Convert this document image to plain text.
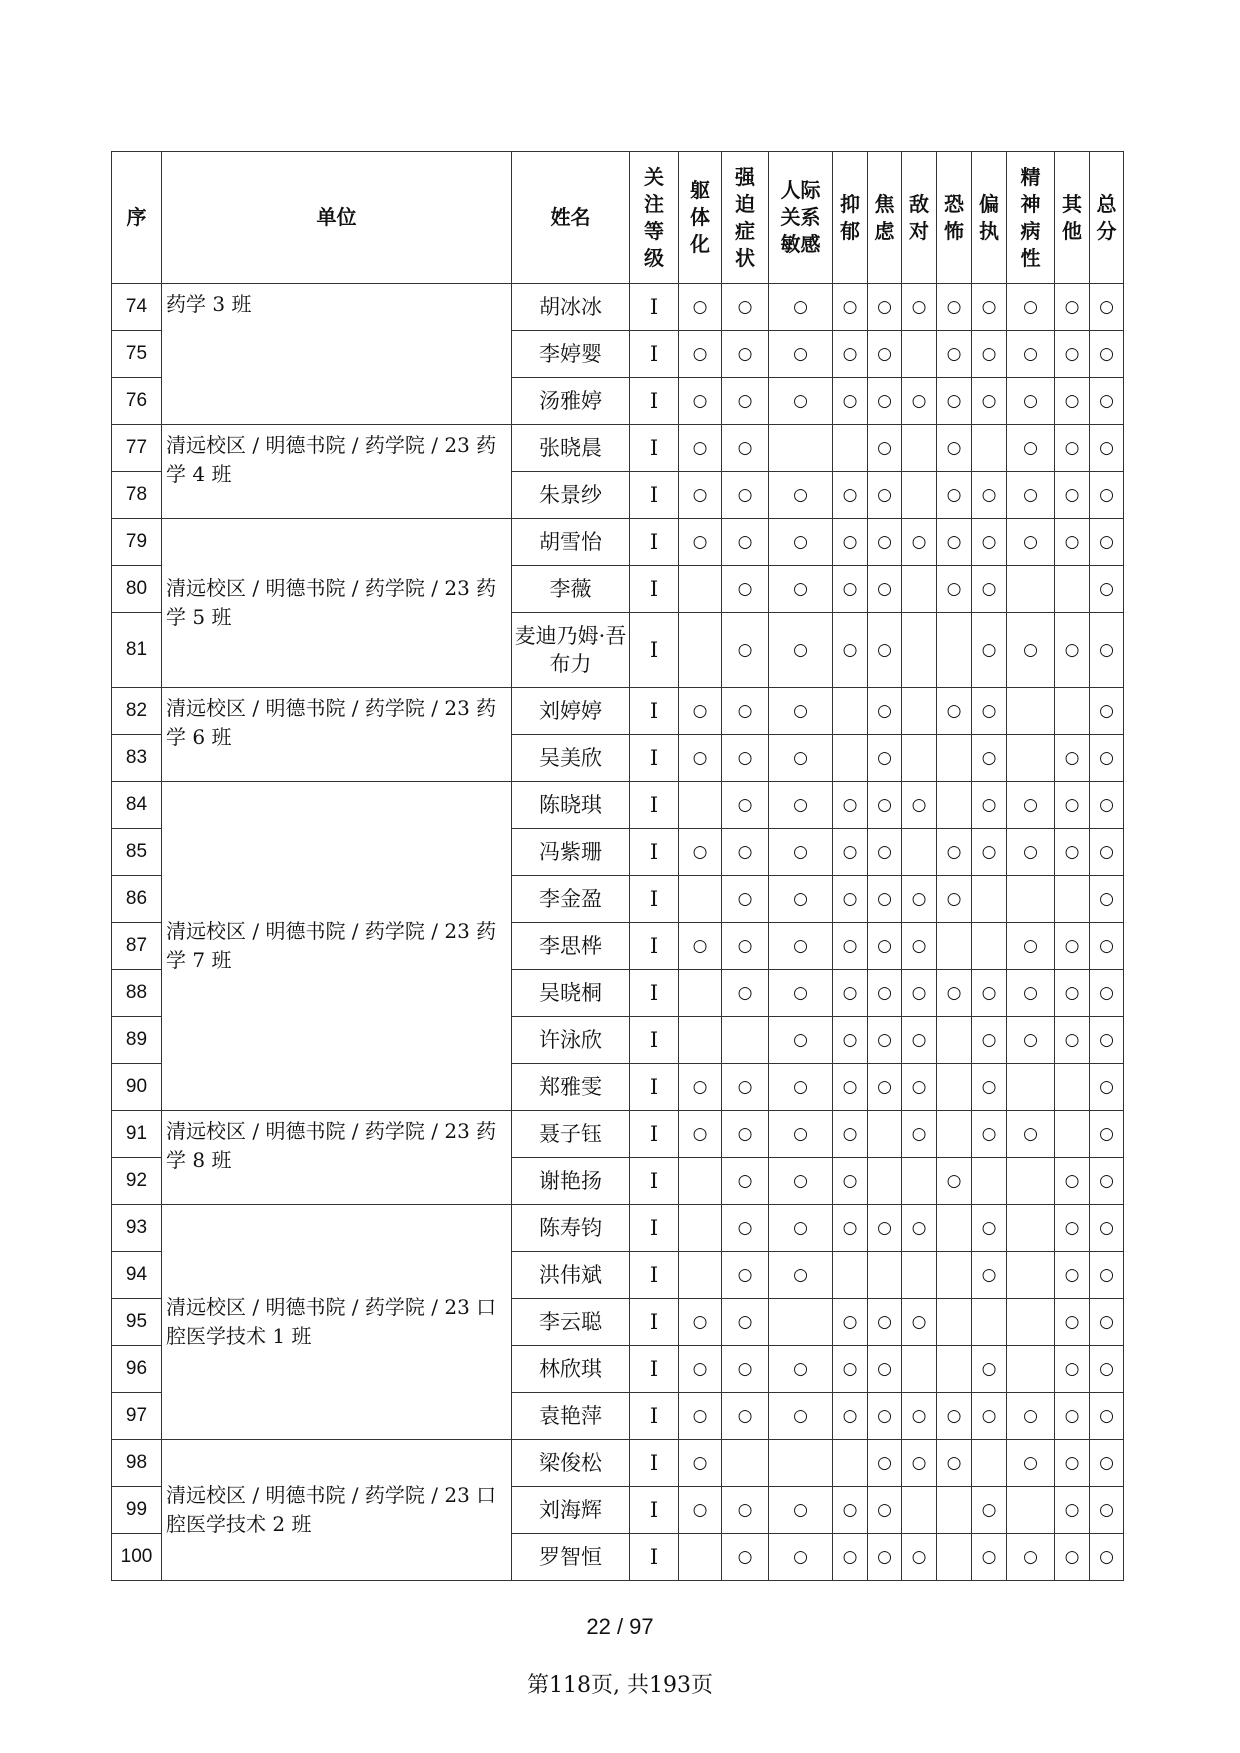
序	单位	姓名	关注等级	躯体化	强迫症状	人际关系敏感	抑郁	焦虑	敌对	恐怖	偏执	精神病性	其他	总分
74	药学 3 班	胡冰冰	Ⅰ	○	○	○	○	○	○	○	○	○	○	○
75		李婷婴	Ⅰ	○	○	○	○	○		○	○	○	○	○
76		汤雅婷	Ⅰ	○	○	○	○	○	○	○	○	○	○	○
77	清远校区 / 明德书院 / 药学院 / 23 药学 4 班	张晓晨	Ⅰ	○	○			○		○		○	○	○
78		朱景纱	Ⅰ	○	○	○	○	○		○	○	○	○	○
79	清远校区 / 明德书院 / 药学院 / 23 药学 5 班	胡雪怡	Ⅰ	○	○	○	○	○	○	○	○	○	○	○
80		李薇	Ⅰ		○	○	○	○		○	○			○
81		麦迪乃姆·吾布力	Ⅰ		○	○	○	○			○	○	○	○
82	清远校区 / 明德书院 / 药学院 / 23 药学 6 班	刘婷婷	Ⅰ	○	○	○		○		○	○			○
83		吴美欣	Ⅰ	○	○	○		○			○		○	○
84	清远校区 / 明德书院 / 药学院 / 23 药学 7 班	陈晓琪	Ⅰ		○	○	○	○	○		○	○	○	○
85		冯紫珊	Ⅰ	○	○	○	○	○		○	○	○	○	○
86		李金盈	Ⅰ		○	○	○	○	○	○				○
87		李思桦	Ⅰ	○	○	○	○	○	○			○	○	○
88		吴晓桐	Ⅰ		○	○	○	○	○	○	○	○	○	○
89		许泳欣	Ⅰ			○	○	○	○		○	○	○	○
90		郑雅雯	Ⅰ	○	○	○	○	○	○		○			○
91	清远校区 / 明德书院 / 药学院 / 23 药学 8 班	聂子钰	Ⅰ	○	○	○	○		○		○	○		○
92		谢艳扬	Ⅰ		○	○	○			○			○	○
93	清远校区 / 明德书院 / 药学院 / 23 口腔医学技术 1 班	陈寿钧	Ⅰ		○	○	○	○	○		○		○	○
94		洪伟斌	Ⅰ		○	○					○		○	○
95		李云聪	Ⅰ	○	○		○	○	○				○	○
96		林欣琪	Ⅰ	○	○	○	○	○			○		○	○
97		袁艳萍	Ⅰ	○	○	○	○	○	○	○	○	○	○	○
98	清远校区 / 明德书院 / 药学院 / 23 口腔医学技术 2 班	梁俊松	Ⅰ	○				○	○	○		○	○	○
99		刘海辉	Ⅰ	○	○	○	○	○			○		○	○
100		罗智恒	Ⅰ		○	○	○	○	○		○	○	○	○
22 / 97
第118页, 共193页
